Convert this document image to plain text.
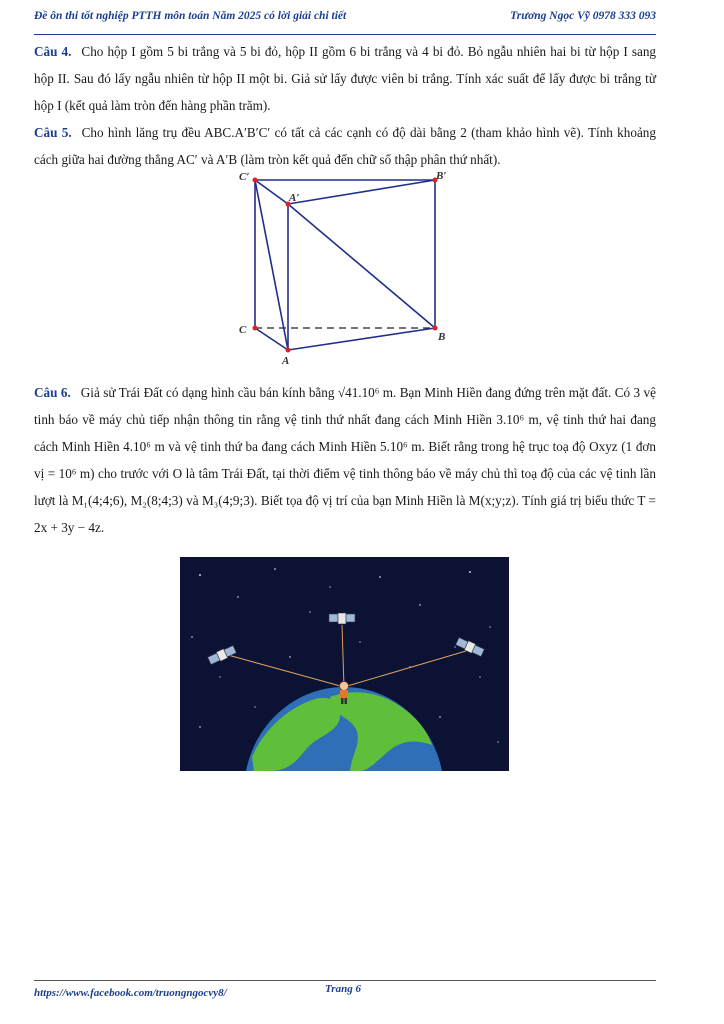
Đề ôn thi tốt nghiệp PTTH môn toán Năm 2025 có lời giải chi tiết	Trương Ngọc Vỹ 0978 333 093

Câu 4. Cho hộp I gồm 5 bi trắng và 5 bi đỏ, hộp II gồm 6 bi trắng và 4 bi đỏ. Bỏ ngẫu nhiên hai bi từ hộp I sang hộp II. Sau đó lấy ngẫu nhiên từ hộp II một bi. Giả sử lấy được viên bi trắng. Tính xác suất để lấy được bi trắng từ hộp I (kết quả làm tròn đến hàng phần trăm).

Câu 5. Cho hình lăng trụ đều ABC.A′B′C′ có tất cả các cạnh có độ dài bằng 2 (tham khảo hình vẽ). Tính khoảng cách giữa hai đường thẳng AC′ và A′B (làm tròn kết quả đến chữ số thập phân thứ nhất).

Câu 6. Giả sử Trái Đất có dạng hình cầu bán kính bằng √41.10⁶ m. Bạn Minh Hiền đang đứng trên mặt đất. Có 3 vệ tinh báo về máy chủ tiếp nhận thông tin rằng vệ tinh thứ nhất đang cách Minh Hiền 3.10⁶ m, vệ tinh thứ hai đang cách Minh Hiền 4.10⁶ m và vệ tinh thứ ba đang cách Minh Hiền 5.10⁶ m. Biết rằng trong hệ trục toạ độ Oxyz (1 đơn vị = 10⁶ m) cho trước với O là tâm Trái Đất, tại thời điểm vệ tinh thông báo về máy chủ thì toạ độ của các vệ tinh lần lượt là M₁(4;4;6), M₂(8;4;3) và M₃(4;9;3). Biết tọa độ vị trí của bạn Minh Hiền là M(x;y;z). Tính giá trị biểu thức T = 2x + 3y − 4z.

C′	B′
A′
C
B
A
https://www.facebook.com/truongngocvy8/	Trang 6
